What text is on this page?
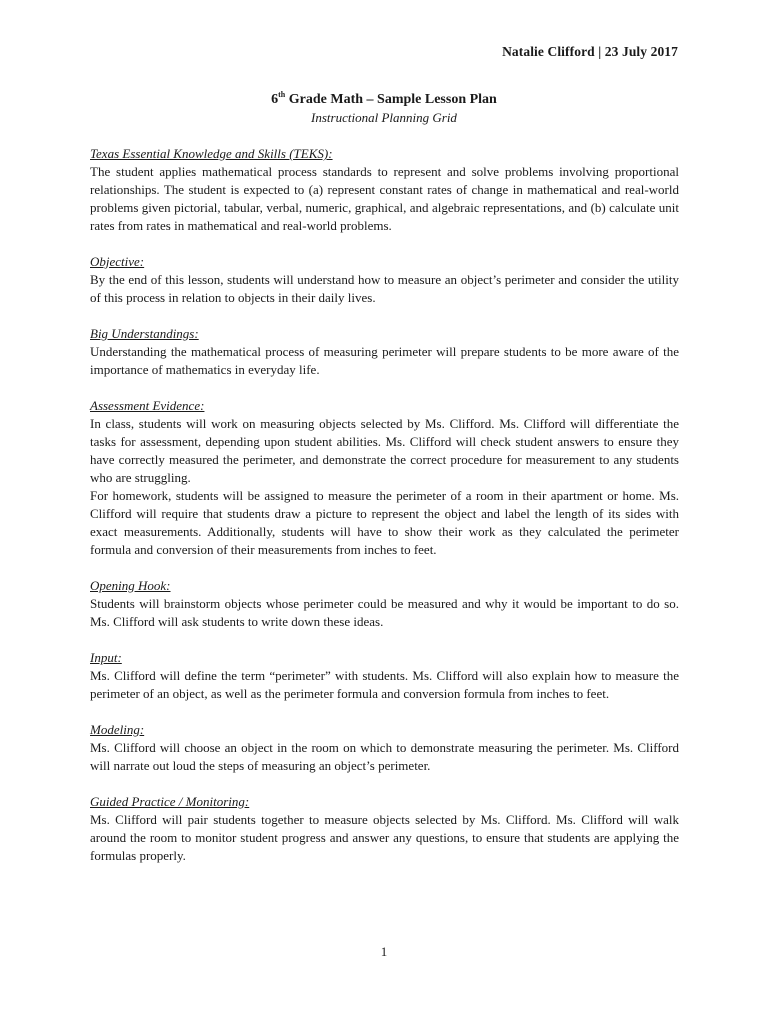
Natalie Clifford | 23 July 2017
6th Grade Math – Sample Lesson Plan
Instructional Planning Grid

Texas Essential Knowledge and Skills (TEKS):

The student applies mathematical process standards to represent and solve problems involving proportional relationships. The student is expected to (a) represent constant rates of change in mathematical and real-world problems given pictorial, tabular, verbal, numeric, graphical, and algebraic representations, and (b) calculate unit rates from rates in mathematical and real-world problems.

Objective:

By the end of this lesson, students will understand how to measure an object’s perimeter and consider the utility of this process in relation to objects in their daily lives.

Big Understandings:

Understanding the mathematical process of measuring perimeter will prepare students to be more aware of the importance of mathematics in everyday life.

Assessment Evidence:

In class, students will work on measuring objects selected by Ms. Clifford. Ms. Clifford will differentiate the tasks for assessment, depending upon student abilities. Ms. Clifford will check student answers to ensure they have correctly measured the perimeter, and demonstrate the correct procedure for measurement to any students who are struggling.

For homework, students will be assigned to measure the perimeter of a room in their apartment or home. Ms. Clifford will require that students draw a picture to represent the object and label the length of its sides with exact measurements. Additionally, students will have to show their work as they calculated the perimeter formula and conversion of their measurements from inches to feet.

Opening Hook:

Students will brainstorm objects whose perimeter could be measured and why it would be important to do so. Ms. Clifford will ask students to write down these ideas.

Input:

Ms. Clifford will define the term “perimeter” with students. Ms. Clifford will also explain how to measure the perimeter of an object, as well as the perimeter formula and conversion formula from inches to feet.

Modeling:

Ms. Clifford will choose an object in the room on which to demonstrate measuring the perimeter. Ms. Clifford will narrate out loud the steps of measuring an object’s perimeter.

Guided Practice / Monitoring:

Ms. Clifford will pair students together to measure objects selected by Ms. Clifford. Ms. Clifford will walk around the room to monitor student progress and answer any questions, to ensure that students are applying the formulas properly.

1
